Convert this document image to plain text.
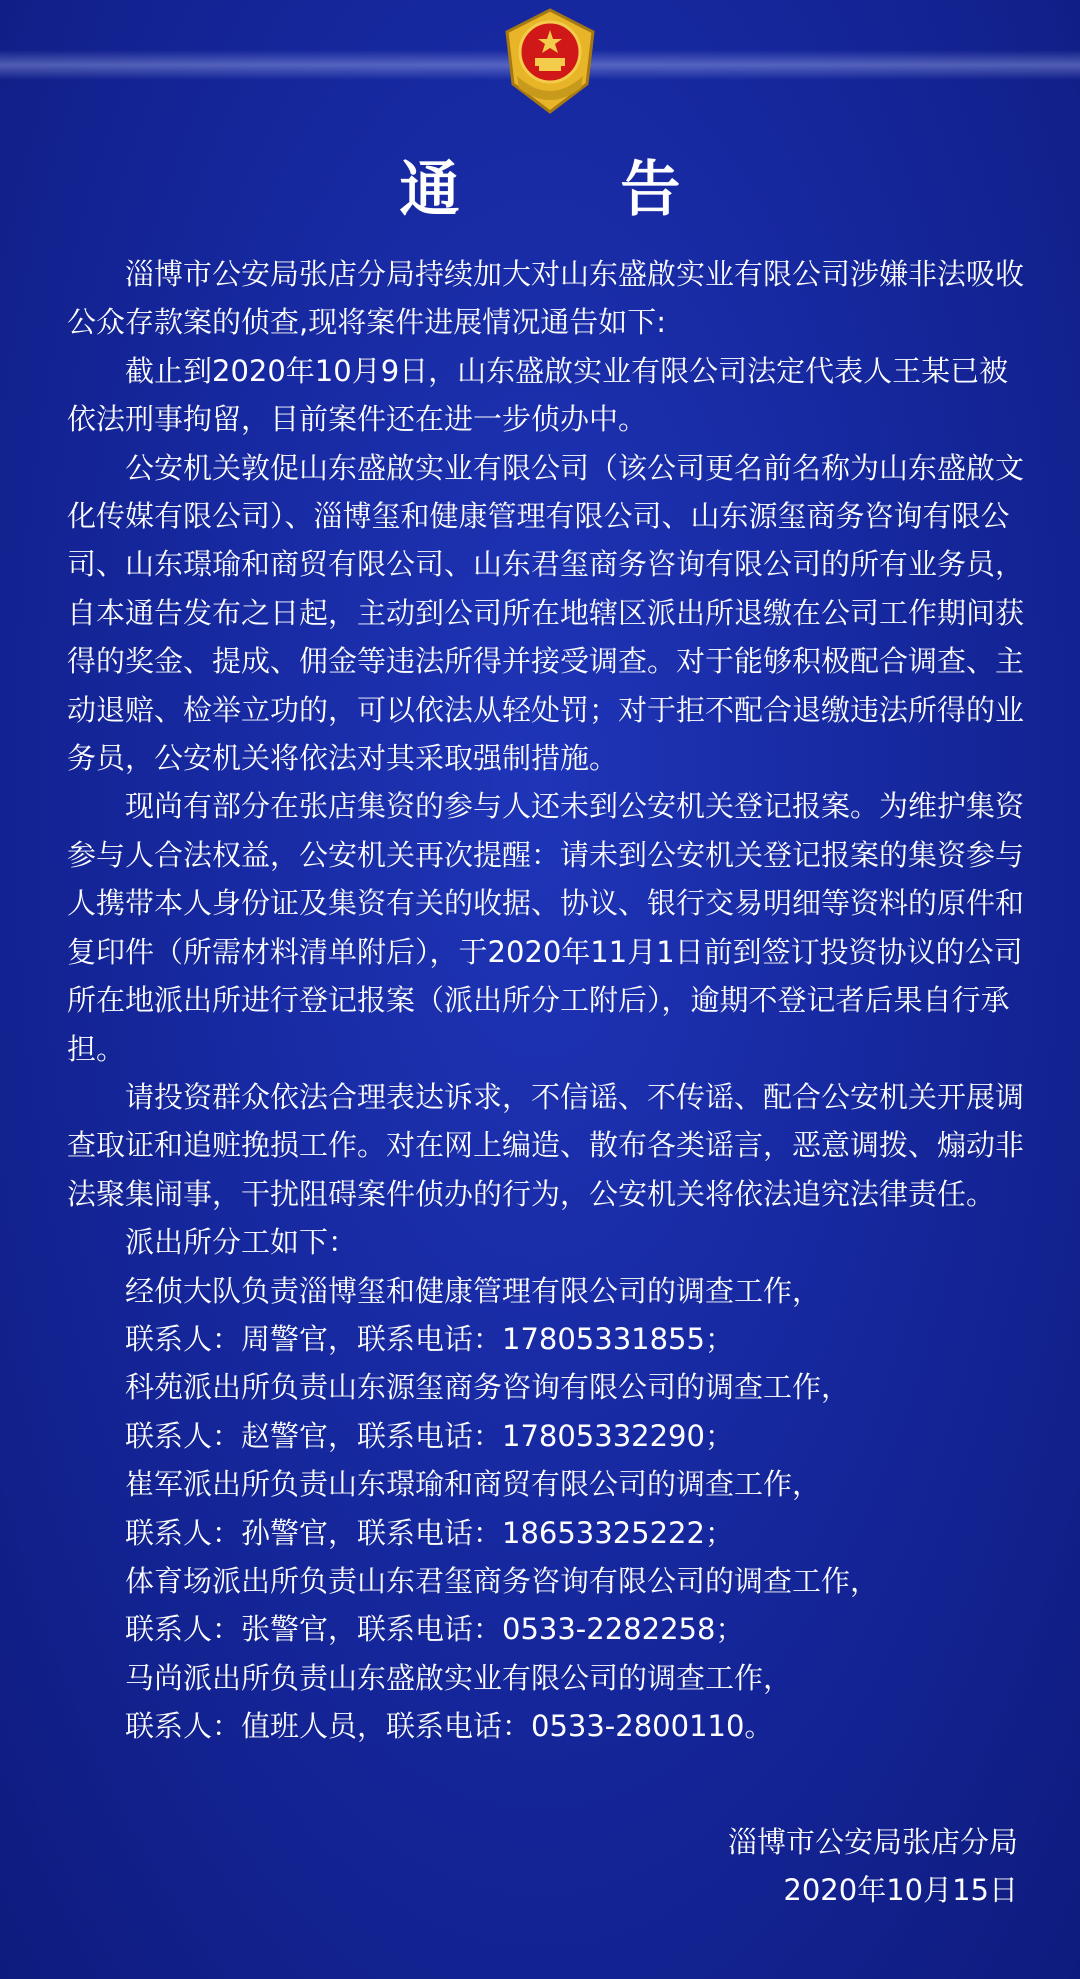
通 告

淄博市公安局张店分局持续加大对山东盛啟实业有限公司涉嫌非法吸收公众存款案的侦查,现将案件进展情况通告如下:

截止到2020年10月9日，山东盛啟实业有限公司法定代表人王某已被依法刑事拘留，目前案件还在进一步侦办中。

公安机关敦促山东盛啟实业有限公司（该公司更名前名称为山东盛啟文化传媒有限公司）、淄博玺和健康管理有限公司、山东源玺商务咨询有限公司、山东璟瑜和商贸有限公司、山东君玺商务咨询有限公司的所有业务员，自本通告发布之日起，主动到公司所在地辖区派出所退缴在公司工作期间获得的奖金、提成、佣金等违法所得并接受调查。对于能够积极配合调查、主动退赔、检举立功的，可以依法从轻处罚；对于拒不配合退缴违法所得的业务员，公安机关将依法对其采取强制措施。

现尚有部分在张店集资的参与人还未到公安机关登记报案。为维护集资参与人合法权益，公安机关再次提醒：请未到公安机关登记报案的集资参与人携带本人身份证及集资有关的收据、协议、银行交易明细等资料的原件和复印件（所需材料清单附后），于2020年11月1日前到签订投资协议的公司所在地派出所进行登记报案（派出所分工附后），逾期不登记者后果自行承担。

请投资群众依法合理表达诉求，不信谣、不传谣、配合公安机关开展调查取证和追赃挽损工作。对在网上编造、散布各类谣言，恶意调拨、煽动非法聚集闹事，干扰阻碍案件侦办的行为，公安机关将依法追究法律责任。

派出所分工如下：

经侦大队负责淄博玺和健康管理有限公司的调查工作，

联系人：周警官，联系电话：17805331855；

科苑派出所负责山东源玺商务咨询有限公司的调查工作，

联系人：赵警官，联系电话：17805332290；

崔军派出所负责山东璟瑜和商贸有限公司的调查工作，

联系人：孙警官，联系电话：18653325222；

体育场派出所负责山东君玺商务咨询有限公司的调查工作，

联系人：张警官，联系电话：0533-2282258；

马尚派出所负责山东盛啟实业有限公司的调查工作，

联系人：值班人员，联系电话：0533-2800110。

淄博市公安局张店分局
2020年10月15日
